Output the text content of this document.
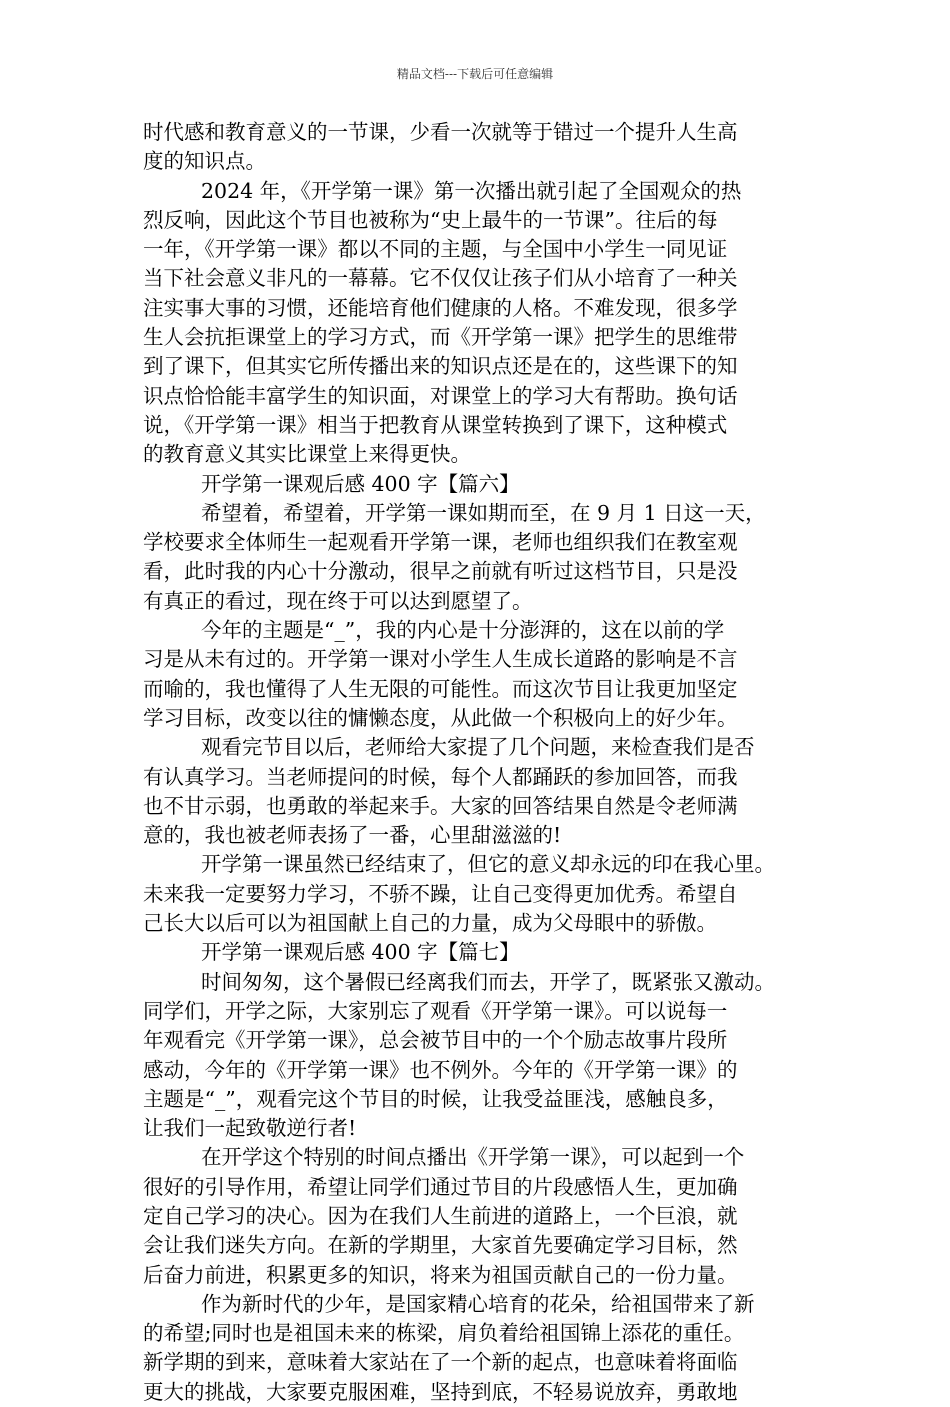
精品文档---下载后可任意编辑
时代感和教育意义的一节课，少看一次就等于错过一个提升人生高
度的知识点。
2024 年，《开学第一课》第一次播出就引起了全国观众的热
烈反响，因此这个节目也被称为“史上最牛的一节课”。往后的每
一年，《开学第一课》都以不同的主题，与全国中小学生一同见证
当下社会意义非凡的一幕幕。它不仅仅让孩子们从小培育了一种关
注实事大事的习惯，还能培育他们健康的人格。不难发现，很多学
生人会抗拒课堂上的学习方式，而《开学第一课》把学生的思维带
到了课下，但其实它所传播出来的知识点还是在的，这些课下的知
识点恰恰能丰富学生的知识面，对课堂上的学习大有帮助。换句话
说，《开学第一课》相当于把教育从课堂转换到了课下，这种模式
的教育意义其实比课堂上来得更快。
开学第一课观后感 400 字【篇六】
希望着，希望着，开学第一课如期而至，在 9 月 1 日这一天，
学校要求全体师生一起观看开学第一课，老师也组织我们在教室观
看，此时我的内心十分激动，很早之前就有听过这档节目，只是没
有真正的看过，现在终于可以达到愿望了。
今年的主题是“_”，我的内心是十分澎湃的，这在以前的学
习是从未有过的。开学第一课对小学生人生成长道路的影响是不言
而喻的，我也懂得了人生无限的可能性。而这次节目让我更加坚定
学习目标，改变以往的慵懒态度，从此做一个积极向上的好少年。
观看完节目以后，老师给大家提了几个问题，来检查我们是否
有认真学习。当老师提问的时候，每个人都踊跃的参加回答，而我
也不甘示弱，也勇敢的举起来手。大家的回答结果自然是令老师满
意的，我也被老师表扬了一番，心里甜滋滋的!
开学第一课虽然已经结束了，但它的意义却永远的印在我心里。
未来我一定要努力学习，不骄不躁，让自己变得更加优秀。希望自
己长大以后可以为祖国献上自己的力量，成为父母眼中的骄傲。
开学第一课观后感 400 字【篇七】
时间匆匆，这个暑假已经离我们而去，开学了，既紧张又激动。
同学们，开学之际，大家别忘了观看《开学第一课》。可以说每一
年观看完《开学第一课》，总会被节目中的一个个励志故事片段所
感动，今年的《开学第一课》也不例外。今年的《开学第一课》的
主题是“_”，观看完这个节目的时候，让我受益匪浅，感触良多，
让我们一起致敬逆行者!
在开学这个特别的时间点播出《开学第一课》，可以起到一个
很好的引导作用，希望让同学们通过节目的片段感悟人生，更加确
定自己学习的决心。因为在我们人生前进的道路上，一个巨浪，就
会让我们迷失方向。在新的学期里，大家首先要确定学习目标，然
后奋力前进，积累更多的知识，将来为祖国贡献自己的一份力量。
作为新时代的少年，是国家精心培育的花朵，给祖国带来了新
的希望;同时也是祖国未来的栋梁，肩负着给祖国锦上添花的重任。
新学期的到来，意味着大家站在了一个新的起点，也意味着将面临
更大的挑战，大家要克服困难，坚持到底，不轻易说放弃，勇敢地
